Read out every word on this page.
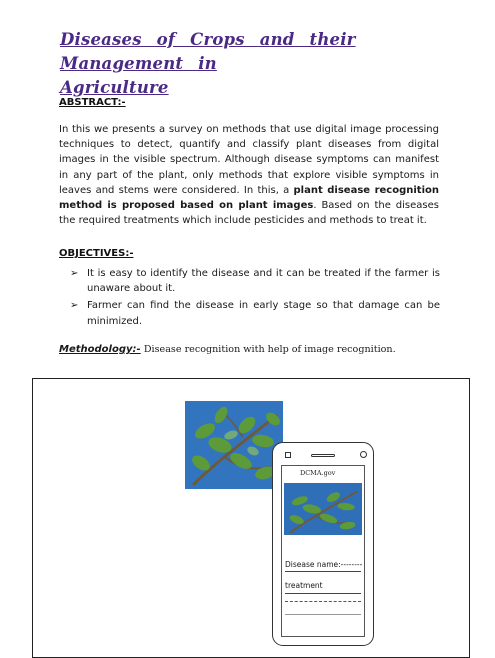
Diseases of Crops and their Management in
Agriculture

ABSTRACT:-

In this we presents a survey on methods that use digital image processing techniques to detect, quantify and classify plant diseases from digital images in the visible spectrum. Although disease symptoms can manifest in any part of the plant, only methods that explore visible symptoms in leaves and stems were considered. In this, a plant disease recognition method is proposed based on plant images. Based on the diseases the required treatments which include pesticides and methods to treat it.

OBJECTIVES:-

➢ It is easy to identify the disease and it can be treated if the farmer is unaware about it.
➢ Farmer can find the disease in early stage so that damage can be minimized.
Methodology:- Disease recognition with help of image recognition.
DCMA.gov
Disease name:--------
treatment
